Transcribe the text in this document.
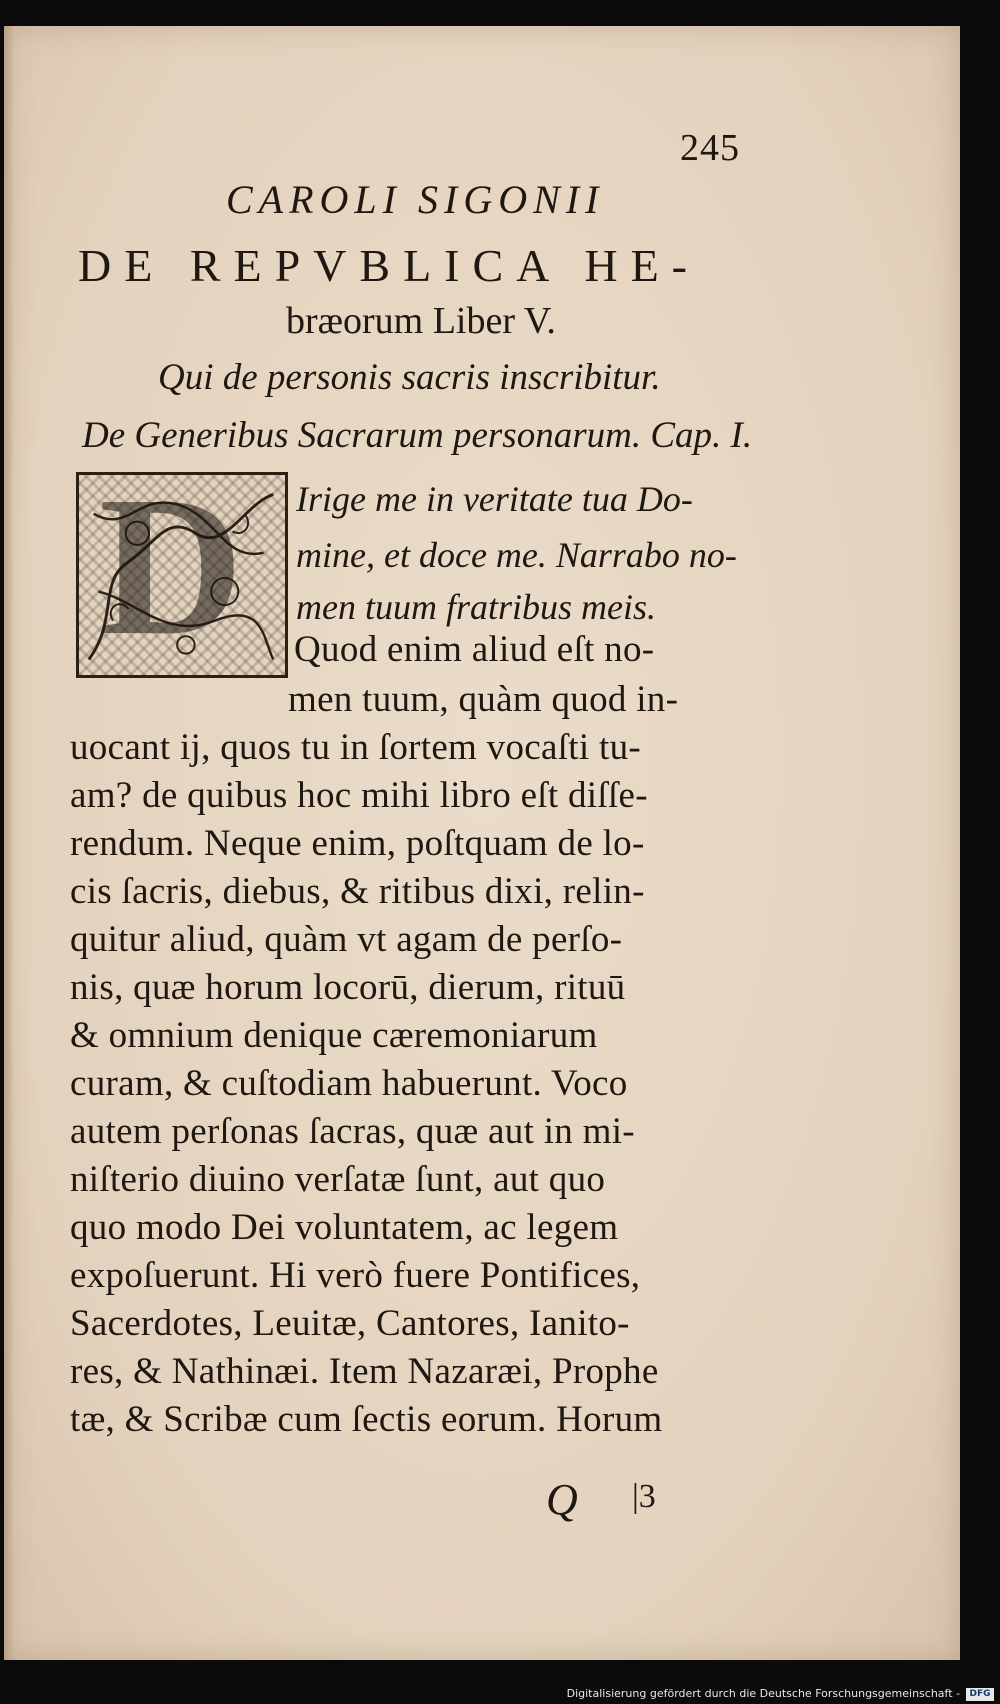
245
CAROLI SIGONII
DE REPVBLICA HE-
bræorum Liber V.
Qui de personis sacris inscribitur.
De Generibus Sacrarum personarum. Cap. I.
D Irige me in veritate tua Do-
mine, et doce me. Narrabo no-
men tuum fratribus meis.
Quod enim aliud eſt no-
men tuum, quàm quod in-
uocant ij, quos tu in ſortem vocaſti tu-
am? de quibus hoc mihi libro eſt diſſe-
rendum. Neque enim, poſtquam de lo-
cis ſacris, diebus, & ritibus dixi, relin-
quitur aliud, quàm vt agam de perſo-
nis, quæ horum locorū, dierum, rituū
& omnium denique cæremoniarum
curam, & cuſtodiam habuerunt. Voco
autem perſonas ſacras, quæ aut in mi-
niſterio diuino verſatæ ſunt, aut quo
quo modo Dei voluntatem, ac legem
expoſuerunt. Hi verò fuere Pontifices,
Sacerdotes, Leuitæ, Cantores, Ianito-
res, & Nathinæi. Item Nazaræi, Prophe
tæ, & Scribæ cum ſectis eorum. Horum
Q |3
Digitalisierung gefördert durch die Deutsche Forschungsgemeinschaft -	DFG
